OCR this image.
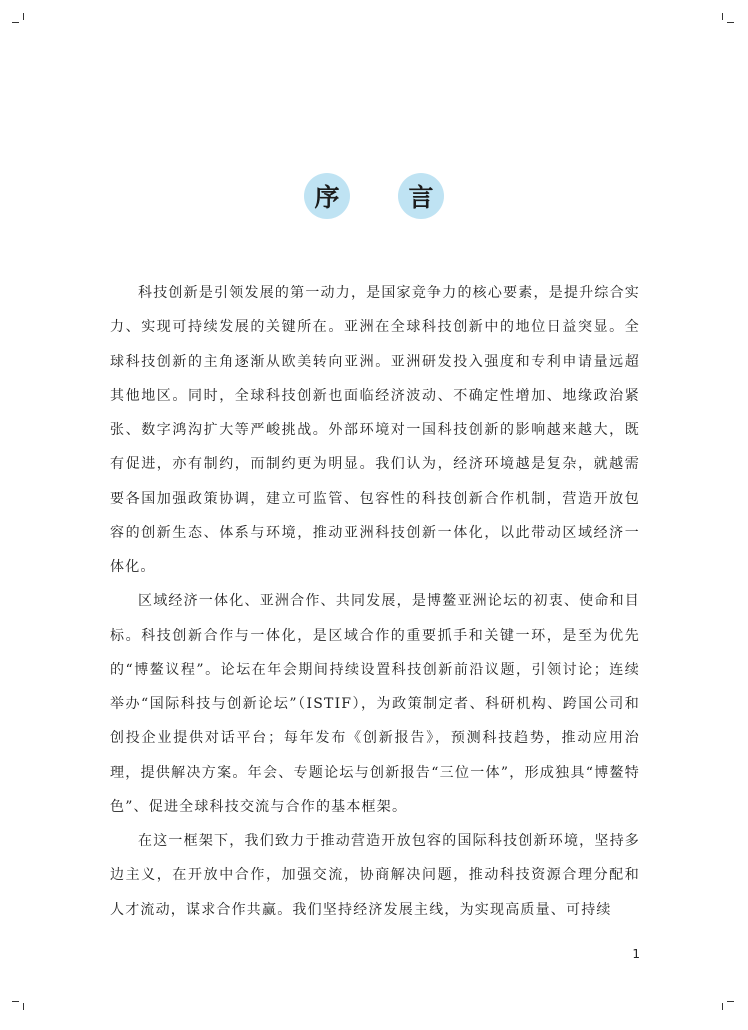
序	言

科技创新是引领发展的第一动力，是国家竞争力的核心要素，是提升综合实力、实现可持续发展的关键所在。亚洲在全球科技创新中的地位日益突显。全球科技创新的主角逐渐从欧美转向亚洲。亚洲研发投入强度和专利申请量远超其他地区。同时，全球科技创新也面临经济波动、不确定性增加、地缘政治紧张、数字鸿沟扩大等严峻挑战。外部环境对一国科技创新的影响越来越大，既有促进，亦有制约，而制约更为明显。我们认为，经济环境越是复杂，就越需要各国加强政策协调，建立可监管、包容性的科技创新合作机制，营造开放包容的创新生态、体系与环境，推动亚洲科技创新一体化，以此带动区域经济一体化。

区域经济一体化、亚洲合作、共同发展，是博鳌亚洲论坛的初衷、使命和目标。科技创新合作与一体化，是区域合作的重要抓手和关键一环，是至为优先的“博鳌议程”。论坛在年会期间持续设置科技创新前沿议题，引领讨论；连续举办“国际科技与创新论坛”（ISTIF），为政策制定者、科研机构、跨国公司和创投企业提供对话平台；每年发布《创新报告》，预测科技趋势，推动应用治理，提供解决方案。年会、专题论坛与创新报告“三位一体”，形成独具“博鳌特色”、促进全球科技交流与合作的基本框架。

在这一框架下，我们致力于推动营造开放包容的国际科技创新环境，坚持多边主义，在开放中合作，加强交流，协商解决问题，推动科技资源合理分配和人才流动，谋求合作共赢。我们坚持经济发展主线，为实现高质量、可持续

1
